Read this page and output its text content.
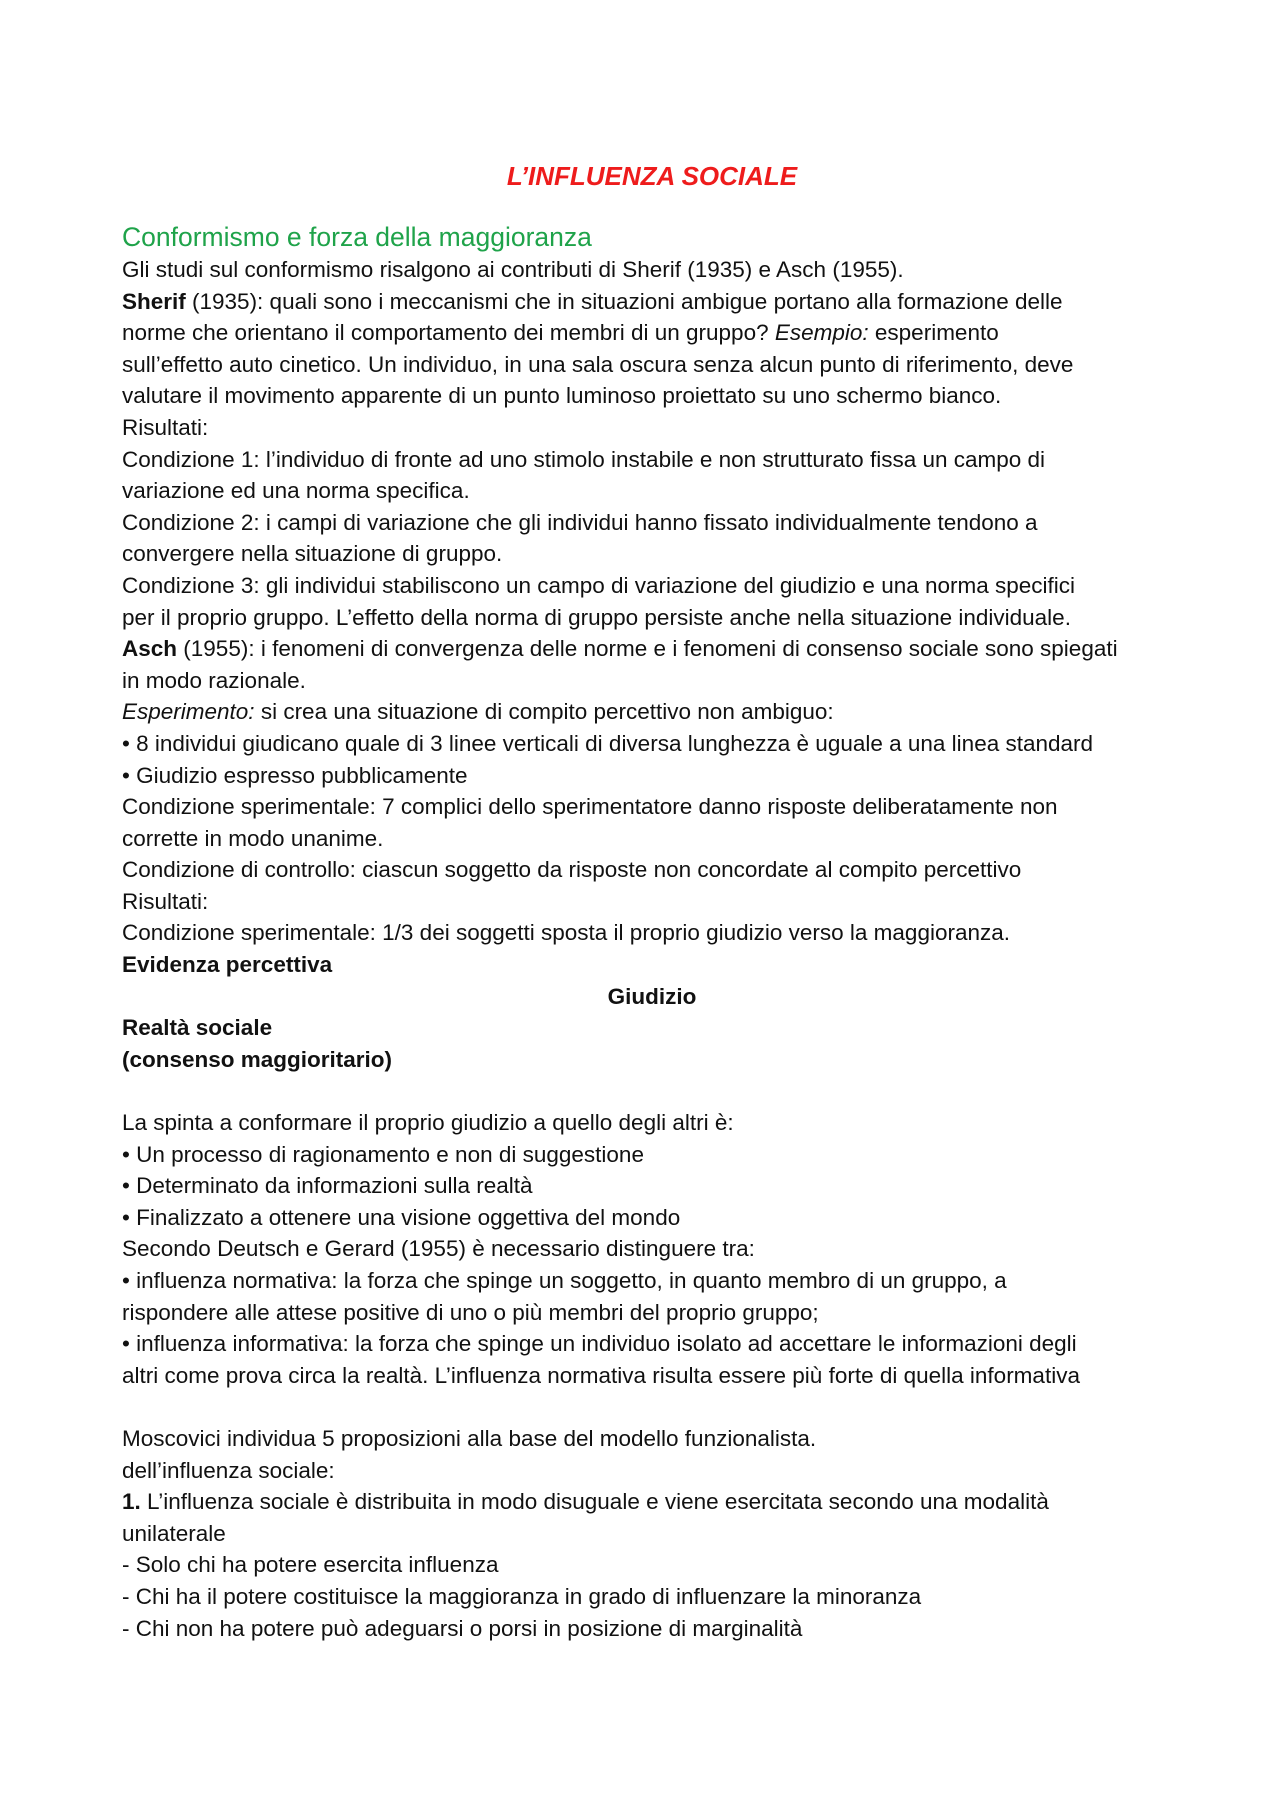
L’INFLUENZA SOCIALE

Conformismo e forza della maggioranza

Gli studi sul conformismo risalgono ai contributi di Sherif (1935) e Asch (1955).

Sherif (1935): quali sono i meccanismi che in situazioni ambigue portano alla formazione delle

norme che orientano il comportamento dei membri di un gruppo? Esempio: esperimento

sull’effetto auto cinetico. Un individuo, in una sala oscura senza alcun punto di riferimento, deve

valutare il movimento apparente di un punto luminoso proiettato su uno schermo bianco.

Risultati:

Condizione 1: l’individuo di fronte ad uno stimolo instabile e non strutturato fissa un campo di

variazione ed una norma specifica.

Condizione 2: i campi di variazione che gli individui hanno fissato individualmente tendono a

convergere nella situazione di gruppo.

Condizione 3: gli individui stabiliscono un campo di variazione del giudizio e una norma specifici

per il proprio gruppo. L’effetto della norma di gruppo persiste anche nella situazione individuale.

Asch (1955): i fenomeni di convergenza delle norme e i fenomeni di consenso sociale sono spiegati

in modo razionale.

Esperimento: si crea una situazione di compito percettivo non ambiguo:

• 8 individui giudicano quale di 3 linee verticali di diversa lunghezza è uguale a una linea standard

• Giudizio espresso pubblicamente

Condizione sperimentale: 7 complici dello sperimentatore danno risposte deliberatamente non

corrette in modo unanime.

Condizione di controllo: ciascun soggetto da risposte non concordate al compito percettivo

Risultati:

Condizione sperimentale: 1/3 dei soggetti sposta il proprio giudizio verso la maggioranza.

Evidenza percettiva

Giudizio

Realtà sociale

(consenso maggioritario)

La spinta a conformare il proprio giudizio a quello degli altri è:

• Un processo di ragionamento e non di suggestione

• Determinato da informazioni sulla realtà

• Finalizzato a ottenere una visione oggettiva del mondo

Secondo Deutsch e Gerard (1955) è necessario distinguere tra:

• influenza normativa: la forza che spinge un soggetto, in quanto membro di un gruppo, a

rispondere alle attese positive di uno o più membri del proprio gruppo;

• influenza informativa: la forza che spinge un individuo isolato ad accettare le informazioni degli

altri come prova circa la realtà. L’influenza normativa risulta essere più forte di quella informativa

Moscovici individua 5 proposizioni alla base del modello funzionalista.

dell’influenza sociale:

1. L’influenza sociale è distribuita in modo disuguale e viene esercitata secondo una modalità

unilaterale

- Solo chi ha potere esercita influenza

- Chi ha il potere costituisce la maggioranza in grado di influenzare la minoranza

- Chi non ha potere può adeguarsi o porsi in posizione di marginalità
